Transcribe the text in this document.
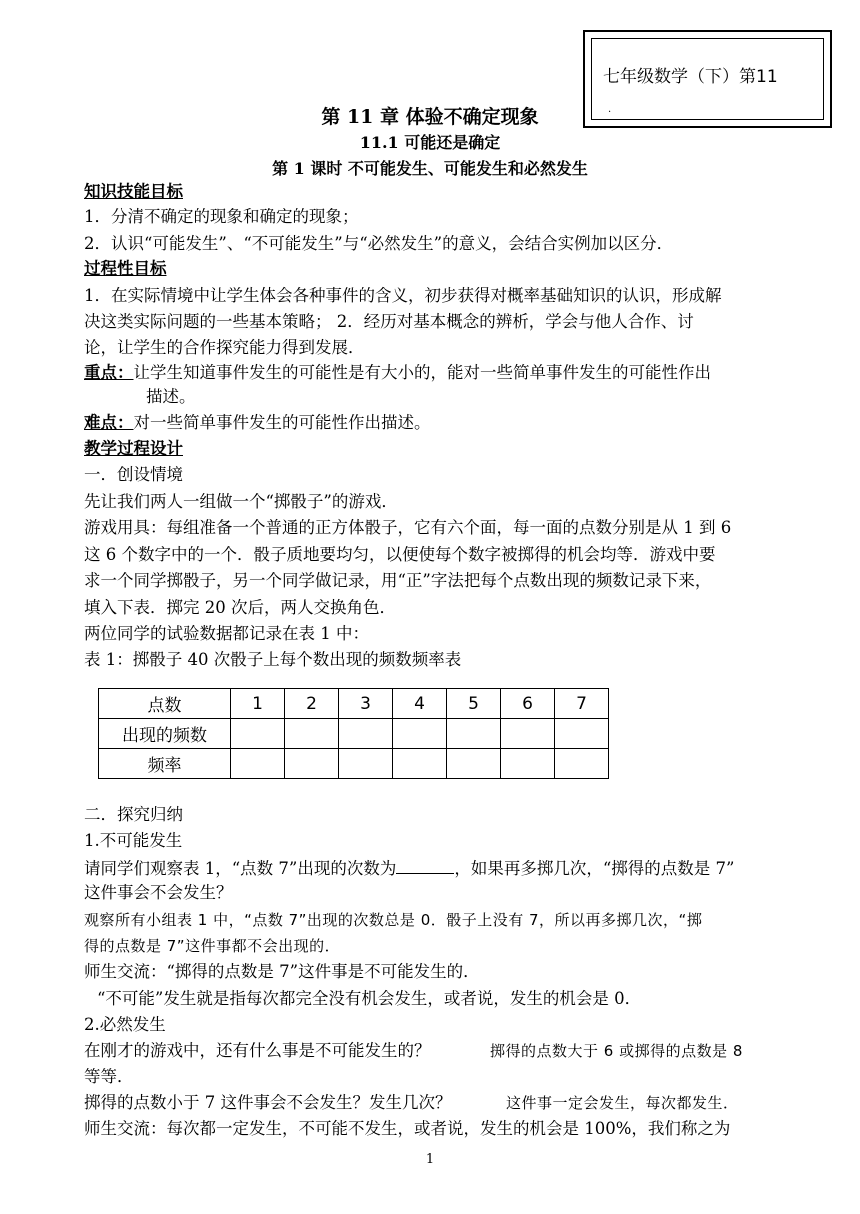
七年级数学（下）第11
.
第 11 章 体验不确定现象
11.1 可能还是确定
第 1 课时 不可能发生、可能发生和必然发生
知识技能目标
1．分清不确定的现象和确定的现象；
2．认识“可能发生”、“不可能发生”与“必然发生”的意义，会结合实例加以区分．
过程性目标
1．在实际情境中让学生体会各种事件的含义，初步获得对概率基础知识的认识，形成解
决这类实际问题的一些基本策略； 2．经历对基本概念的辨析，学会与他人合作、讨
论，让学生的合作探究能力得到发展．
重点：让学生知道事件发生的可能性是有大小的，能对一些简单事件发生的可能性作出
描述。
难点：对一些简单事件发生的可能性作出描述。
教学过程设计
一．创设情境
先让我们两人一组做一个“掷骰子”的游戏．
游戏用具：每组准备一个普通的正方体骰子，它有六个面，每一面的点数分别是从 1 到 6
这 6 个数字中的一个．骰子质地要均匀，以便使每个数字被掷得的机会均等．游戏中要
求一个同学掷骰子，另一个同学做记录，用“正”字法把每个点数出现的频数记录下来，
填入下表．掷完 20 次后，两人交换角色．
两位同学的试验数据都记录在表 1 中：
表 1：掷骰子 40 次骰子上每个数出现的频数频率表
点数	1	2	3	4	5	6	7
出现的频数							
频率							
二．探究归纳
1.不可能发生
请同学们观察表 1，“点数 7”出现的次数为	，如果再多掷几次，“掷得的点数是 7”
这件事会不会发生？
观察所有小组表 1 中，“点数 7”出现的次数总是 0．骰子上没有 7，所以再多掷几次，“掷
得的点数是 7”这件事都不会出现的．
师生交流：“掷得的点数是 7”这件事是不可能发生的．
“不可能”发生就是指每次都完全没有机会发生，或者说，发生的机会是 0．
2.必然发生
在刚才的游戏中，还有什么事是不可能发生的？	掷得的点数大于 6 或掷得的点数是 8
等等．
掷得的点数小于 7 这件事会不会发生？发生几次？	这件事一定会发生，每次都发生．
师生交流：每次都一定发生，不可能不发生，或者说，发生的机会是 100%，我们称之为
1
